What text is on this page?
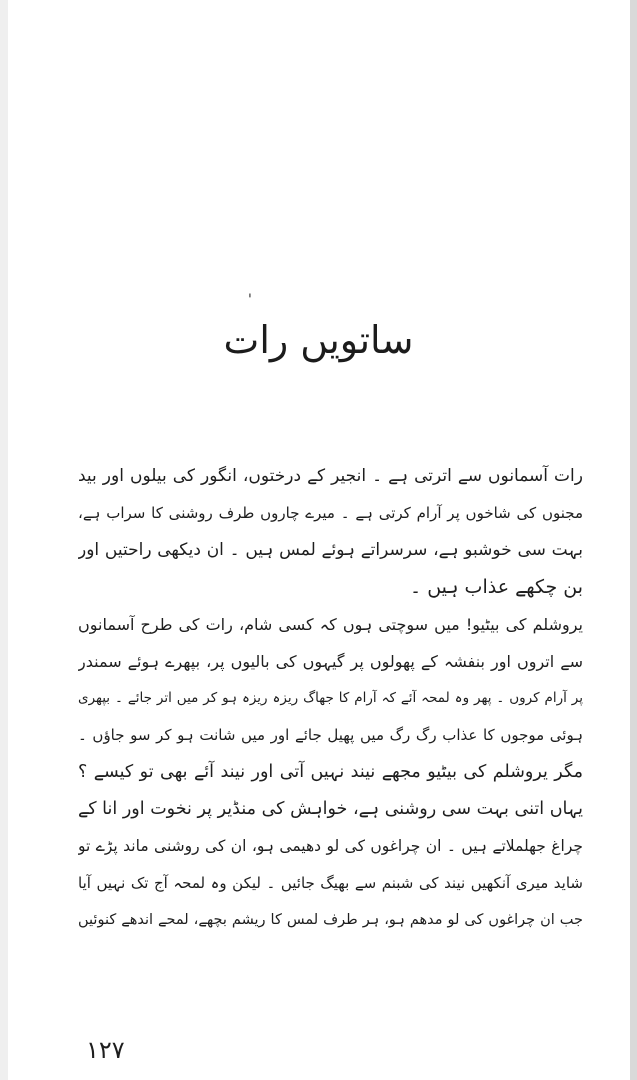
'
ساتویں رات
رات آسمانوں سے اترتی ہے ۔ انجیر کے درختوں، انگور کی بیلوں اور بید
مجنوں کی شاخوں پر آرام کرتی ہے ۔ میرے چاروں طرف روشنی کا سراب ہے،
بہت سی خوشبو ہے، سرسراتے ہوئے لمس ہیں ۔ ان دیکھی راحتیں اور
بن چکھے عذاب ہیں ۔
یروشلم کی بیٹیو! میں سوچتی ہوں کہ کسی شام، رات کی طرح آسمانوں
سے اتروں اور بنفشہ کے پھولوں پر گیہوں کی بالیوں پر، بپھرے ہوئے سمندر
پر آرام کروں ۔ پھر وہ لمحہ آئے کہ آرام کا جھاگ ریزہ ریزہ ہو کر میں اتر جائے ۔ بپھری
ہوئی موجوں کا عذاب رگ رگ میں پھیل جائے اور میں شانت ہو کر سو جاؤں ۔
مگر یروشلم کی بیٹیو مجھے نیند نہیں آتی اور نیند آئے بھی تو کیسے ؟
یہاں اتنی بہت سی روشنی ہے، خواہش کی منڈیر پر نخوت اور انا کے
چراغ جھلملاتے ہیں ۔ ان چراغوں کی لو دھیمی ہو، ان کی روشنی ماند پڑے تو
شاید میری آنکھیں نیند کی شبنم سے بھیگ جائیں ۔ لیکن وہ لمحہ آج تک نہیں آیا
جب ان چراغوں کی لو مدھم ہو، ہر طرف لمس کا ریشم بچھے، لمحے اندھے کنوئیں
۱۲۷
